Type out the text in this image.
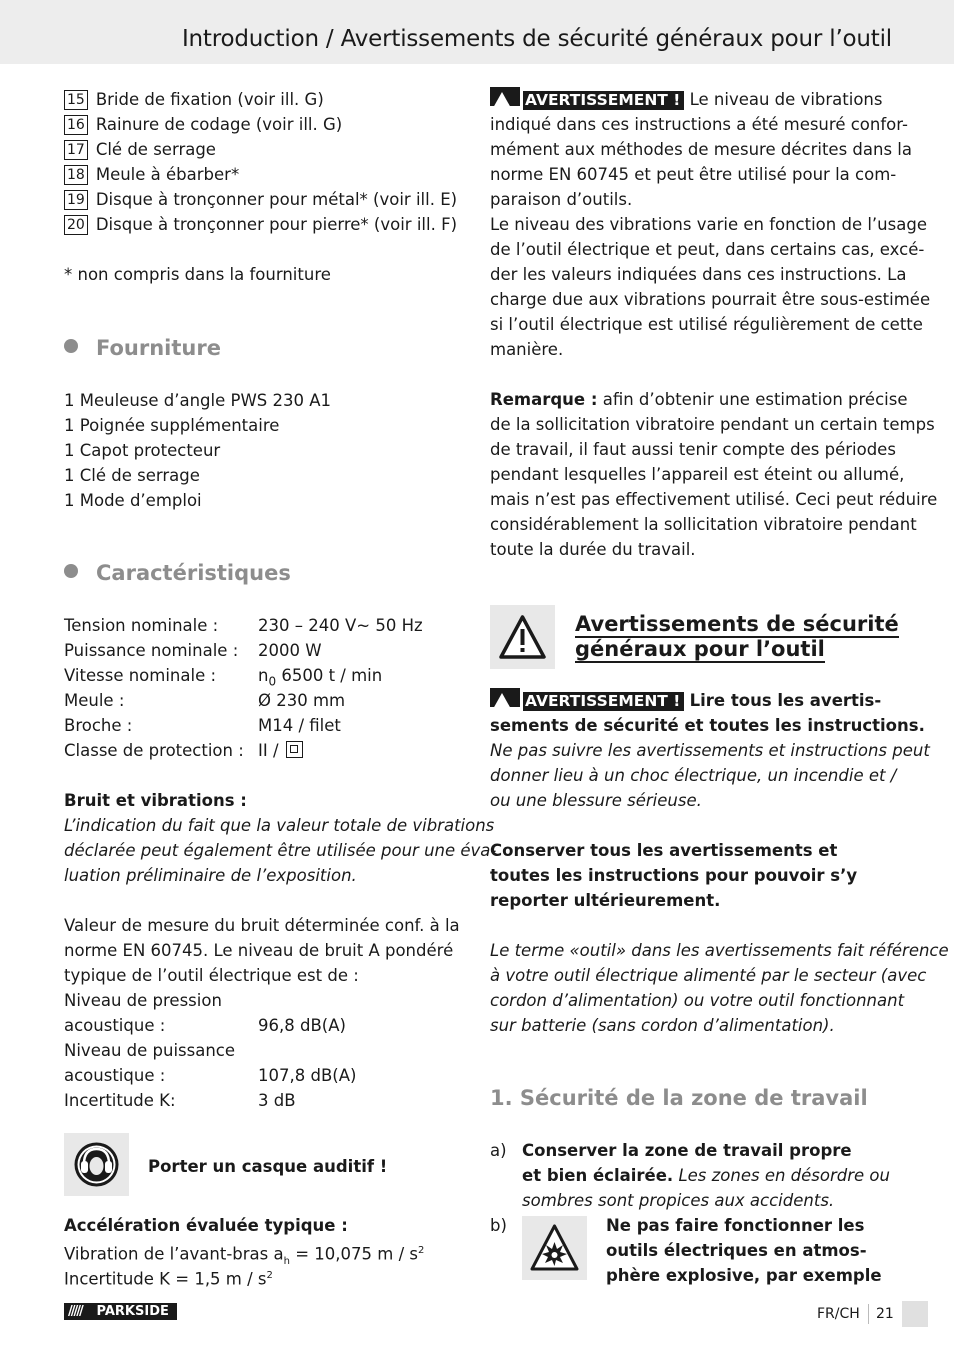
Introduction / Avertissements de sécurité généraux pour l’outil
15 Bride de fixation (voir ill. G)
16 Rainure de codage (voir ill. G)
17 Clé de serrage
18 Meule à ébarber*
19 Disque à tronçonner pour métal* (voir ill. E)
20 Disque à tronçonner pour pierre* (voir ill. F)
* non compris dans la fourniture
Fourniture
1 Meuleuse d’angle PWS 230 A1
1 Poignée supplémentaire
1 Capot protecteur
1 Clé de serrage
1 Mode d’emploi
Caractéristiques
Tension nominale : 230 – 240 V~ 50 Hz
Puissance nominale : 2000 W
Vitesse nominale :	$n_0$ 6500 t / min
Meule :	Ø 230 mm
Broche :	M14 / filet
Classe de protection : II /
Bruit et vibrations :
L’indication du fait que la valeur totale de vibrations
déclarée peut également être utilisée pour une éva-
luation préliminaire de l’exposition.
Valeur de mesure du bruit déterminée conf. à la
norme EN 60745. Le niveau de bruit A pondéré
typique de l’outil électrique est de :
Niveau de pression
acoustique :	96,8 dB(A)
Niveau de puissance
acoustique :	107,8 dB(A)
Incertitude K:	3 dB
Porter un casque auditif !
Accélération évaluée typique :
Vibration de l’avant-bras $a_h = 10,075$ m / $s^2$
Incertitude K = 1,5 m / $s^2$
AVERTISSEMENT ! Le niveau de vibrations
indiqué dans ces instructions a été mesuré confor-
mément aux méthodes de mesure décrites dans la
norme EN 60745 et peut être utilisé pour la com-
paraison d’outils.
Le niveau des vibrations varie en fonction de l’usage
de l’outil électrique et peut, dans certains cas, excé-
der les valeurs indiquées dans ces instructions. La
charge due aux vibrations pourrait être sous-estimée
si l’outil électrique est utilisé régulièrement de cette
manière.
Remarque : afin d’obtenir une estimation précise
de la sollicitation vibratoire pendant un certain temps
de travail, il faut aussi tenir compte des périodes
pendant lesquelles l’appareil est éteint ou allumé,
mais n’est pas effectivement utilisé. Ceci peut réduire
considérablement la sollicitation vibratoire pendant
toute la durée du travail.
Avertissements de sécurité
généraux pour l’outil
AVERTISSEMENT ! Lire tous les avertis-
sements de sécurité et toutes les instructions.
Ne pas suivre les avertissements et instructions peut
donner lieu à un choc électrique, un incendie et /
ou une blessure sérieuse.
Conserver tous les avertissements et
toutes les instructions pour pouvoir s’y
reporter ultérieurement.
Le terme «outil» dans les avertissements fait référence
à votre outil électrique alimenté par le secteur (avec
cordon d’alimentation) ou votre outil fonctionnant
sur batterie (sans cordon d’alimentation).
1. Sécurité de la zone de travail
a) Conserver la zone de travail propre
et bien éclairée. Les zones en désordre ou
sombres sont propices aux accidents.
b)	Ne pas faire fonctionner les
outils électriques en atmos-
phère explosive, par exemple
///// PARKSIDE	FR/CH 21
